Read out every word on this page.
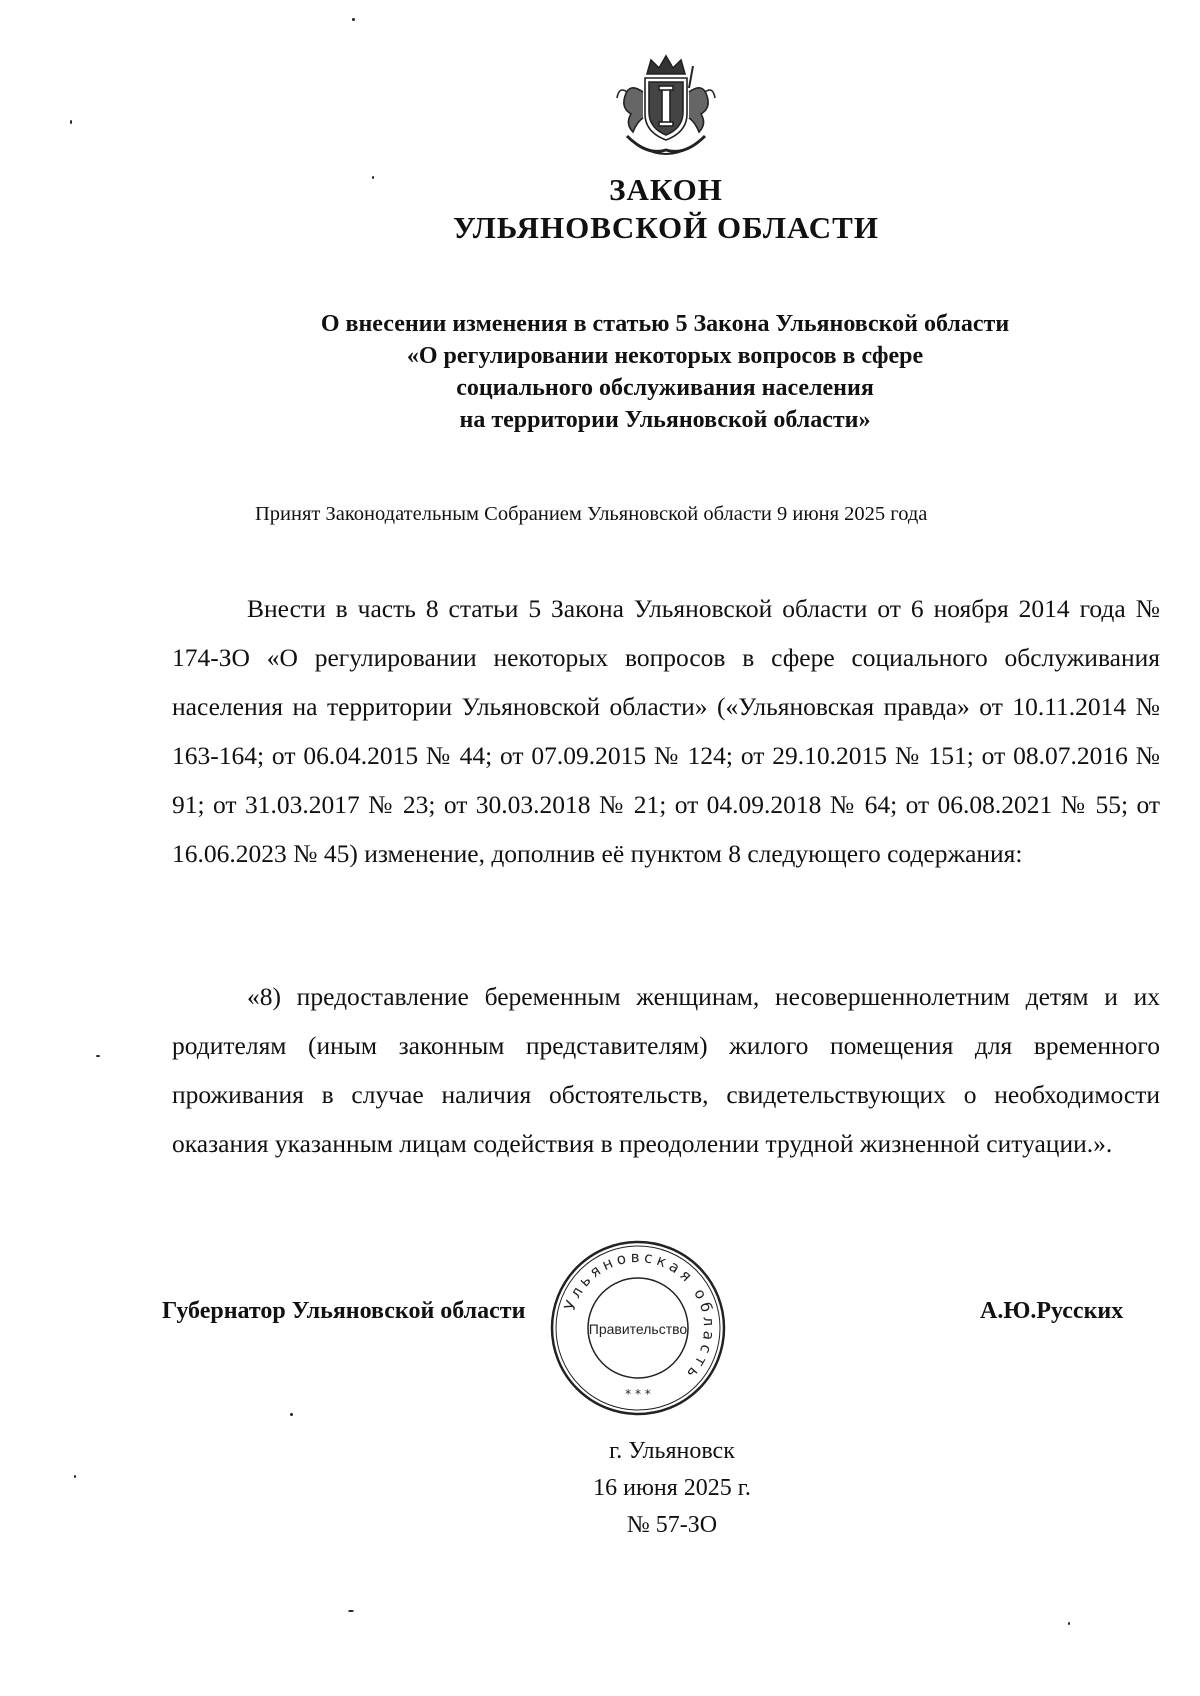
ЗАКОН
УЛЬЯНОВСКОЙ ОБЛАСТИ
О внесении изменения в статью 5 Закона Ульяновской области
«О регулировании некоторых вопросов в сфере
социального обслуживания населения
на территории Ульяновской области»
Принят Законодательным Собранием Ульяновской области 9 июня 2025 года

Внести в часть 8 статьи 5 Закона Ульяновской области от 6 ноября 2014 года № 174-ЗО «О регулировании некоторых вопросов в сфере социального обслуживания населения на территории Ульяновской области» («Ульяновская правда» от 10.11.2014 № 163-164; от 06.04.2015 № 44; от 07.09.2015 № 124; от 29.10.2015 № 151; от 08.07.2016 № 91; от 31.03.2017 № 23; от 30.03.2018 № 21; от 04.09.2018 № 64; от 06.08.2021 № 55; от 16.06.2023 № 45) изменение, дополнив её пунктом 8 следующего содержания:

«8) предоставление беременным женщинам, несовершеннолетним детям и их родителям (иным законным представителям) жилого помещения для временного проживания в случае наличия обстоятельств, свидетельствующих о необходимости оказания указанным лицам содействия в преодолении трудной жизненной ситуации.».

Губернатор Ульяновской области	А.Ю.Русских
Ульяновская область
Правительство
* * *
г. Ульяновск
16 июня 2025 г.
№ 57-ЗО
